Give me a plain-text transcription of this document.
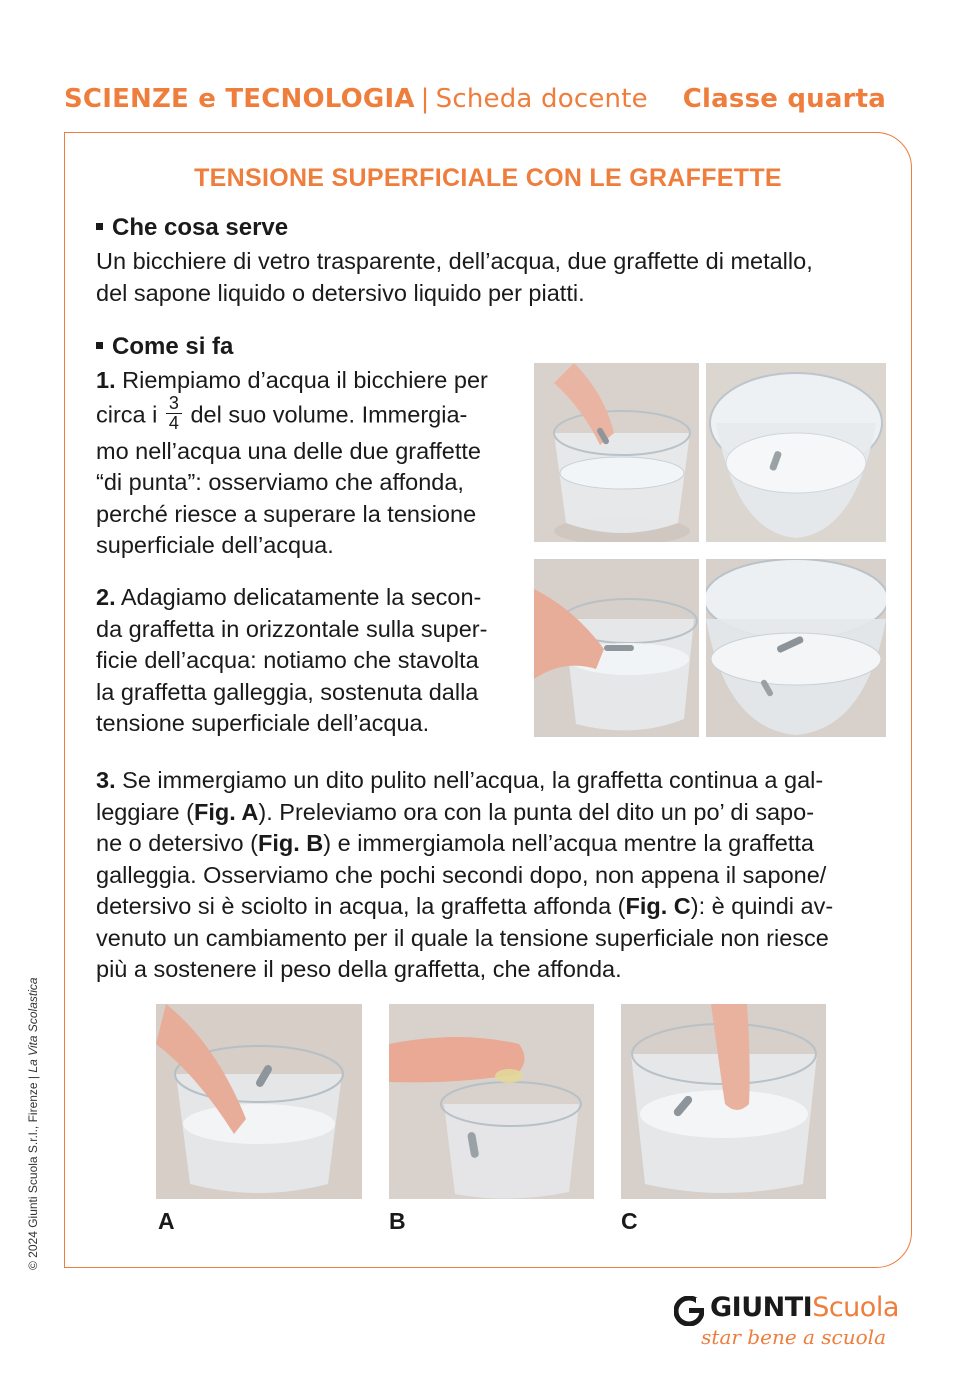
SCIENZE e TECNOLOGIA | Scheda docente Classe quarta
TENSIONE SUPERFICIALE CON LE GRAFFETTE
Che cosa serve
Un bicchiere di vetro trasparente, dell’acqua, due graffette di metallo,
del sapone liquido o detersivo liquido per piatti.
Come si fa
1. Riempiamo d’acqua il bicchiere per
circa i $\frac{3}{4}$ del suo volume. Immergia-
mo nell’acqua una delle due graffette
“di punta”: osserviamo che affonda,
perché riesce a superare la tensione
superficiale dell’acqua.
2. Adagiamo delicatamente la secon-
da graffetta in orizzontale sulla super-
ficie dell’acqua: notiamo che stavolta
la graffetta galleggia, sostenuta dalla
tensione superficiale dell’acqua.
3. Se immergiamo un dito pulito nell’acqua, la graffetta continua a gal-
leggiare (Fig. A). Preleviamo ora con la punta del dito un po’ di sapo-
ne o detersivo (Fig. B) e immergiamola nell’acqua mentre la graffetta
galleggia. Osserviamo che pochi secondi dopo, non appena il sapone/
detersivo si è sciolto in acqua, la graffetta affonda (Fig. C): è quindi av-
venuto un cambiamento per il quale la tensione superficiale non riesce
più a sostenere il peso della graffetta, che affonda.
A	B	C
© 2024 Giunti Scuola S.r.l., Firenze | La Vita Scolastica
GIUNTIScuola
star bene a scuola
